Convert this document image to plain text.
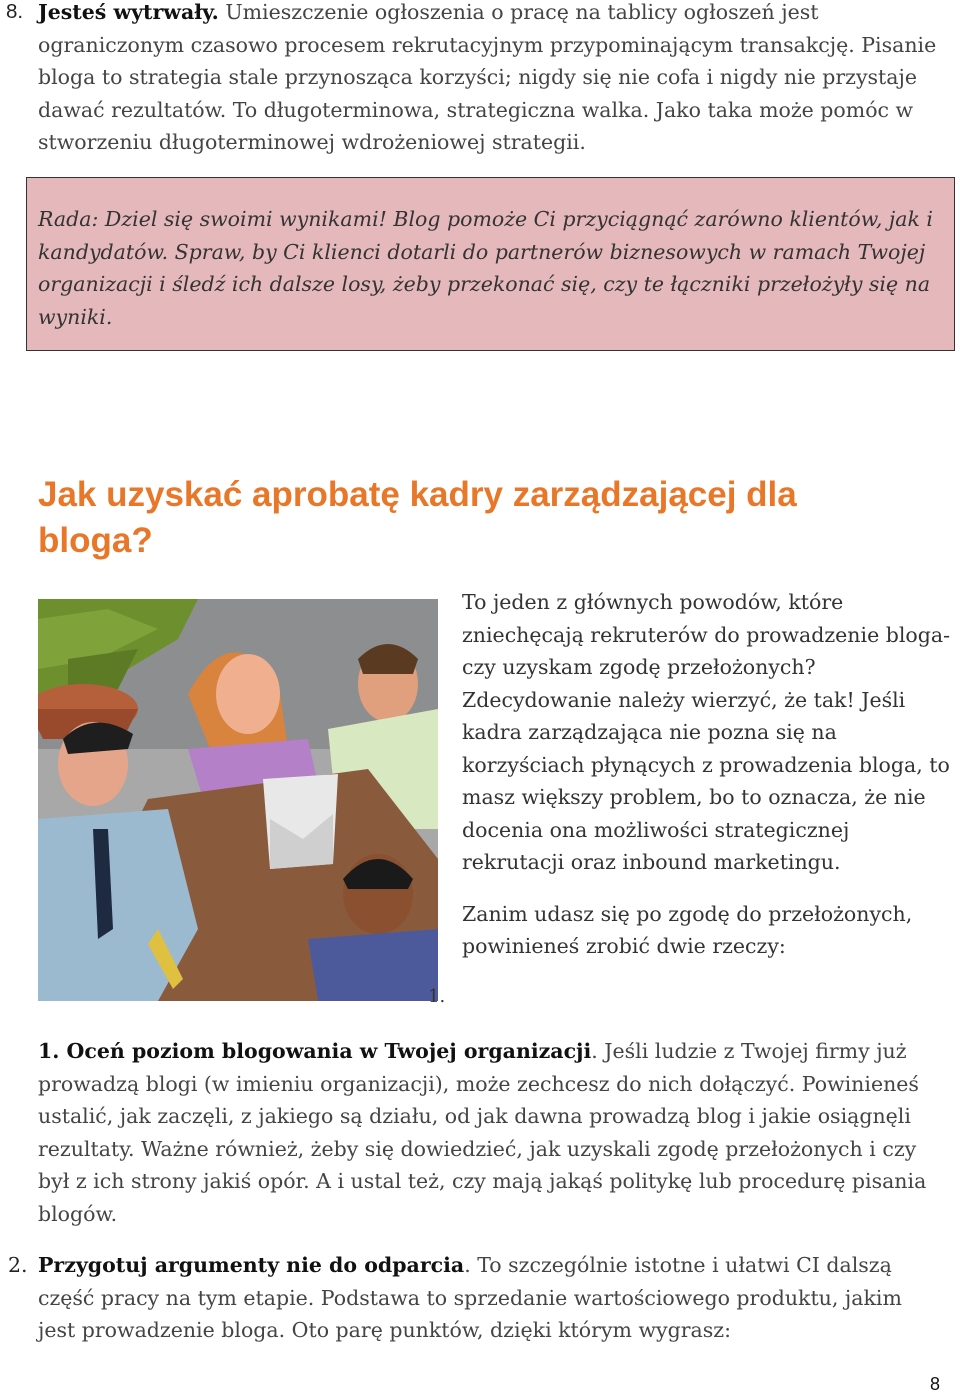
8. Jesteś wytrwały. Umieszczenie ogłoszenia o pracę na tablicy ogłoszeń jest ograniczonym czasowo procesem rekrutacyjnym przypominającym transakcję. Pisanie bloga to strategia stale przynosząca korzyści; nigdy się nie cofa i nigdy nie przystaje dawać rezultatów. To długoterminowa, strategiczna walka. Jako taka może pomóc w stworzeniu długoterminowej wdrożeniowej strategii.
Rada: Dziel się swoimi wynikami! Blog pomoże Ci przyciągnąć zarówno klientów, jak i kandydatów. Spraw, by Ci klienci dotarli do partnerów biznesowych w ramach Twojej organizacji i śledź ich dalsze losy, żeby przekonać się, czy te łączniki przełożyły się na wyniki.
Jak uzyskać aprobatę kadry zarządzającej dla bloga?

To jeden z głównych powodów, które zniechęcają rekruterów do prowadzenie bloga- czy uzyskam zgodę przełożonych? Zdecydowanie należy wierzyć, że tak! Jeśli kadra zarządzająca nie pozna się na korzyściach płynących z prowadzenia bloga, to masz większy problem, bo to oznacza, że nie docenia ona możliwości strategicznej rekrutacji oraz inbound marketingu.

Zanim udasz się po zgodę do przełożonych, powinieneś zrobić dwie rzeczy:

1.
1. Oceń poziom blogowania w Twojej organizacji. Jeśli ludzie z Twojej firmy już prowadzą blogi (w imieniu organizacji), może zechcesz do nich dołączyć. Powinieneś ustalić, jak zaczęli, z jakiego są działu, od jak dawna prowadzą blog i jakie osiągnęli rezultaty. Ważne również, żeby się dowiedzieć, jak uzyskali zgodę przełożonych i czy był z ich strony jakiś opór. A i ustal też, czy mają jakąś politykę lub procedurę pisania blogów.
2. Przygotuj argumenty nie do odparcia. To szczególnie istotne i ułatwi CI dalszą część pracy na tym etapie. Podstawa to sprzedanie wartościowego produktu, jakim jest prowadzenie bloga. Oto parę punktów, dzięki którym wygrasz:
8
